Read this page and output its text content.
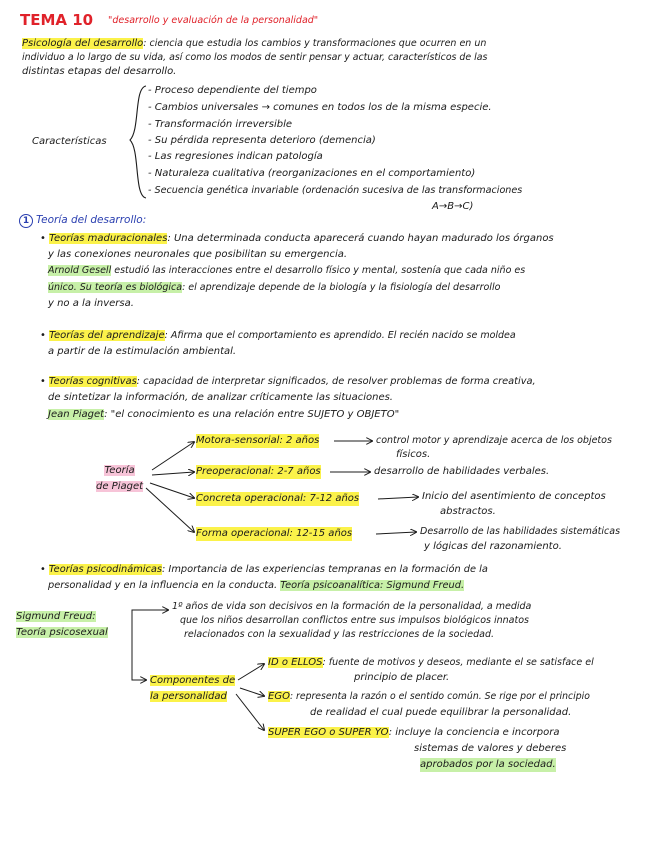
TEMA 10 "desarrollo y evaluación de la personalidad"
Psicología del desarrollo: ciencia que estudia los cambios y transformaciones que ocurren en un
individuo a lo largo de su vida, así como los modos de sentir pensar y actuar, característicos de las
distintas etapas del desarrollo.
Características
- Proceso dependiente del tiempo
- Cambios universales → comunes en todos los de la misma especie.
- Transformación irreversible
- Su pérdida representa deterioro (demencia)
- Las regresiones indican patología
- Naturaleza cualitativa (reorganizaciones en el comportamiento)
- Secuencia genética invariable (ordenación sucesiva de las transformaciones
A→B→C)
1 Teoría del desarrollo:
• Teorías maduracionales: Una determinada conducta aparecerá cuando hayan madurado los órganos
y las conexiones neuronales que posibilitan su emergencia.
Arnold Gesell estudió las interacciones entre el desarrollo físico y mental, sostenía que cada niño es
único. Su teoría es biológica: el aprendizaje depende de la biología y la fisiología del desarrollo
y no a la inversa.
• Teorías del aprendizaje: Afirma que el comportamiento es aprendido. El recién nacido se moldea
a partir de la estimulación ambiental.
• Teorías cognitivas: capacidad de interpretar significados, de resolver problemas de forma creativa,
de sintetizar la información, de analizar críticamente las situaciones.
Jean Piaget: "el conocimiento es una relación entre SUJETO y OBJETO"
Teoría
de Piaget
Motora-sensorial: 2 años	control motor y aprendizaje acerca de los objetos
físicos.
Preoperacional: 2-7 años	desarrollo de habilidades verbales.
Concreta operacional: 7-12 años	Inicio del asentimiento de conceptos
abstractos.
Forma operacional: 12-15 años	Desarrollo de las habilidades sistemáticas
y lógicas del razonamiento.
• Teorías psicodinámicas: Importancia de las experiencias tempranas en la formación de la
personalidad y en la influencia en la conducta. Teoría psicoanalítica: Sigmund Freud.
Sigmund Freud:
Teoría psicosexual
1º años de vida son decisivos en la formación de la personalidad, a medida
que los niños desarrollan conflictos entre sus impulsos biológicos innatos
relacionados con la sexualidad y las restricciones de la sociedad.
Componentes de
la personalidad
ID o ELLOS: fuente de motivos y deseos, mediante el se satisface el
principio de placer.
EGO: representa la razón o el sentido común. Se rige por el principio
de realidad el cual puede equilibrar la personalidad.
SUPER EGO o SUPER YO: incluye la conciencia e incorpora
sistemas de valores y deberes
aprobados por la sociedad.
